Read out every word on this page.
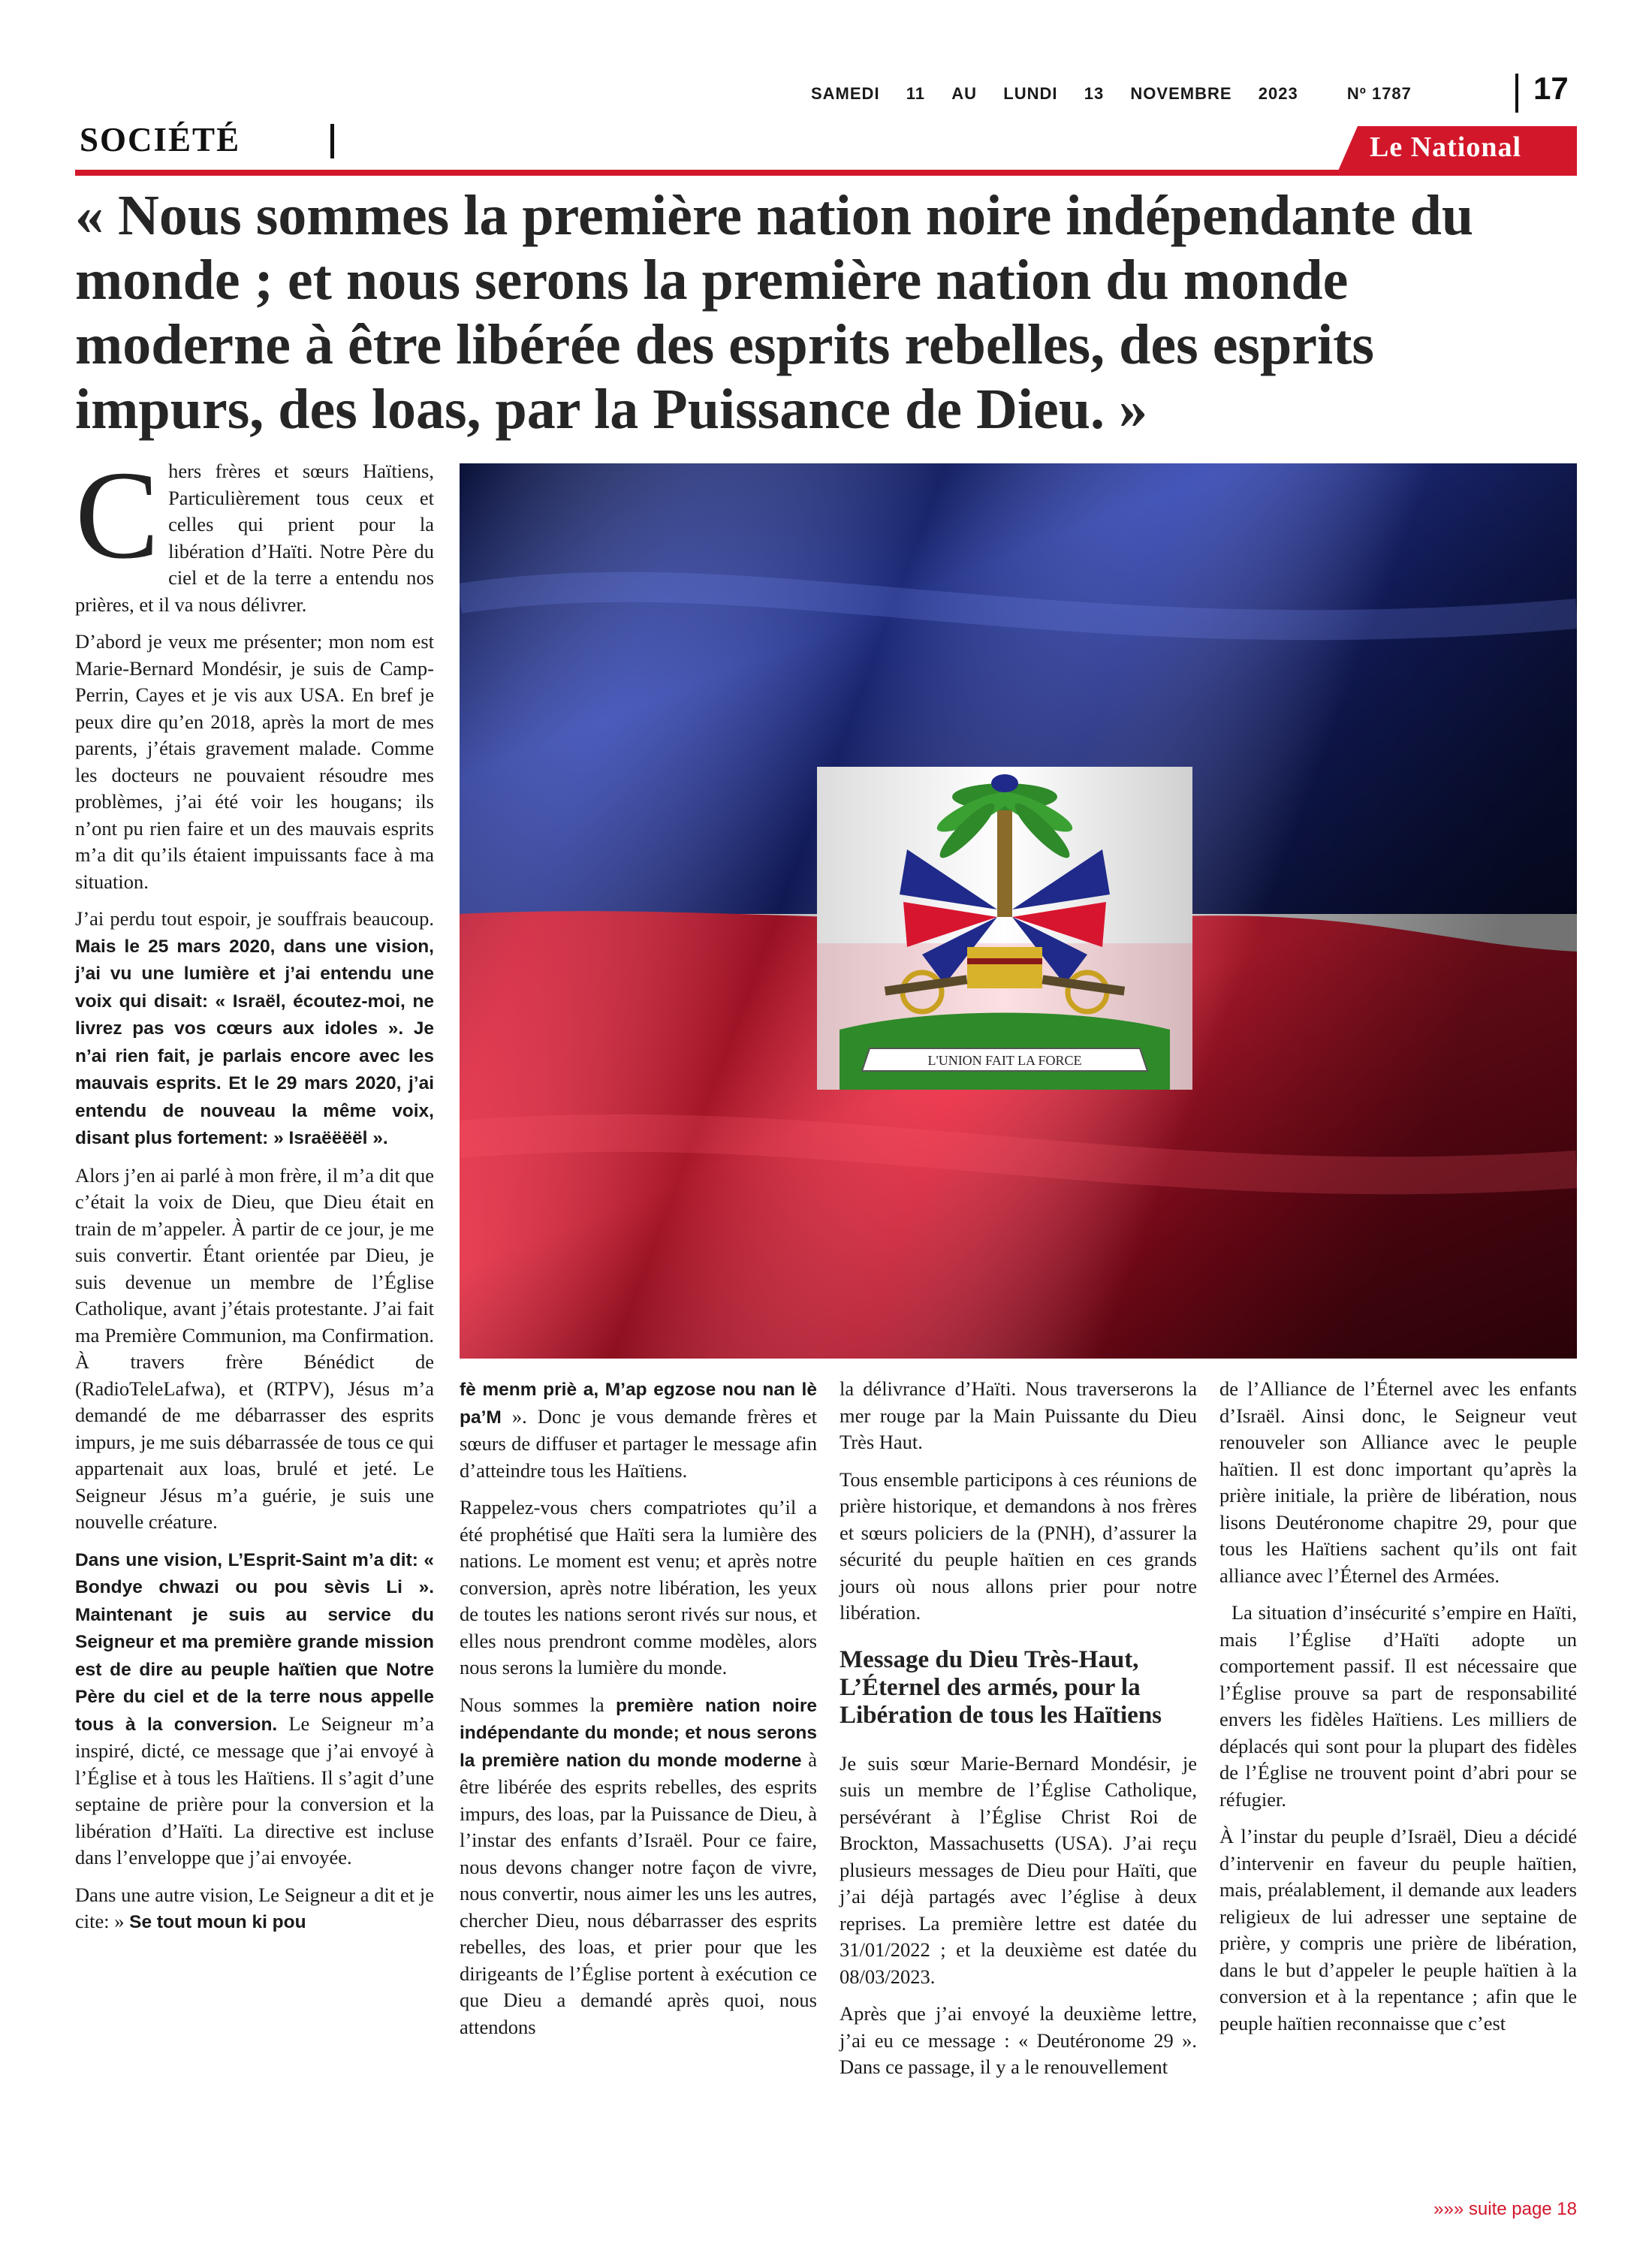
SAMEDI 11 AU LUNDI 13 NOVEMBRE 2023	Nº 1787	17
SOCIÉTÉ	Le National
« Nous sommes la première nation noire indépendante du monde ; et nous serons la première nation du monde moderne à être libérée des esprits rebelles, des esprits impurs, des loas, par la Puissance de Dieu. »

Chers frères et sœurs Haïtiens, Particulièrement tous ceux et celles qui prient pour la libération d’Haïti. Notre Père du ciel et de la terre a entendu nos prières, et il va nous délivrer.

D’abord je veux me présenter; mon nom est Marie-Bernard Mondésir, je suis de Camp-Perrin, Cayes et je vis aux USA. En bref je peux dire qu’en 2018, après la mort de mes parents, j’étais gravement malade. Comme les docteurs ne pouvaient résoudre mes problèmes, j’ai été voir les hougans; ils n’ont pu rien faire et un des mauvais esprits m’a dit qu’ils étaient impuissants face à ma situation.

J’ai perdu tout espoir, je souffrais beaucoup. Mais le 25 mars 2020, dans une vision, j’ai vu une lumière et j’ai entendu une voix qui disait: « Israël, écoutez-moi, ne livrez pas vos cœurs aux idoles ». Je n’ai rien fait, je parlais encore avec les mauvais esprits. Et le 29 mars 2020, j’ai entendu de nouveau la même voix, disant plus fortement: » Israëëëël ».

Alors j’en ai parlé à mon frère, il m’a dit que c’était la voix de Dieu, que Dieu était en train de m’appeler. À partir de ce jour, je me suis convertir. Étant orientée par Dieu, je suis devenue un membre de l’Église Catholique, avant j’étais protestante. J’ai fait ma Première Communion, ma Confirmation. À travers frère Bénédict de (RadioTeleLafwa), et (RTPV), Jésus m’a demandé de me débarrasser des esprits impurs, je me suis débarrassée de tous ce qui appartenait aux loas, brulé et jeté. Le Seigneur Jésus m’a guérie, je suis une nouvelle créature.

Dans une vision, L’Esprit-Saint m’a dit: « Bondye chwazi ou pou sèvis Li ». Maintenant je suis au service du Seigneur et ma première grande mission est de dire au peuple haïtien que Notre Père du ciel et de la terre nous appelle tous à la conversion. Le Seigneur m’a inspiré, dicté, ce message que j’ai envoyé à l’Église et à tous les Haïtiens. Il s’agit d’une septaine de prière pour la conversion et la libération d’Haïti. La directive est incluse dans l’enveloppe que j’ai envoyée.

Dans une autre vision, Le Seigneur a dit et je cite: » Se tout moun ki pou

L'UNION FAIT LA FORCE

fè menm priè a, M’ap egzose nou nan lè pa’M ». Donc je vous demande frères et sœurs de diffuser et partager le message afin d’atteindre tous les Haïtiens.

Rappelez-vous chers compatriotes qu’il a été prophétisé que Haïti sera la lumière des nations. Le moment est venu; et après notre conversion, après notre libération, les yeux de toutes les nations seront rivés sur nous, et elles nous prendront comme modèles, alors nous serons la lumière du monde.

Nous sommes la première nation noire indépendante du monde; et nous serons la première nation du monde moderne à être libérée des esprits rebelles, des esprits impurs, des loas, par la Puissance de Dieu, à l’instar des enfants d’Israël. Pour ce faire, nous devons changer notre façon de vivre, nous convertir, nous aimer les uns les autres, chercher Dieu, nous débarrasser des esprits rebelles, des loas, et prier pour que les dirigeants de l’Église portent à exécution ce que Dieu a demandé après quoi, nous attendons

la délivrance d’Haïti. Nous traverserons la mer rouge par la Main Puissante du Dieu Très Haut.

Tous ensemble participons à ces réunions de prière historique, et demandons à nos frères et sœurs policiers de la (PNH), d’assurer la sécurité du peuple haïtien en ces grands jours où nous allons prier pour notre libération.

Message du Dieu Très-Haut, L’Éternel des armés, pour la Libération de tous les Haïtiens

Je suis sœur Marie-Bernard Mondésir, je suis un membre de l’Église Catholique, persévérant à l’Église Christ Roi de Brockton, Massachusetts (USA). J’ai reçu plusieurs messages de Dieu pour Haïti, que j’ai déjà partagés avec l’église à deux reprises. La première lettre est datée du 31/01/2022 ; et la deuxième est datée du 08/03/2023.

Après que j’ai envoyé la deuxième lettre, j’ai eu ce message : « Deutéronome 29 ». Dans ce passage, il y a le renouvellement

de l’Alliance de l’Éternel avec les enfants d’Israël. Ainsi donc, le Seigneur veut renouveler son Alliance avec le peuple haïtien. Il est donc important qu’après la prière initiale, la prière de libération, nous lisons Deutéronome chapitre 29, pour que tous les Haïtiens sachent qu’ils ont fait alliance avec l’Éternel des Armées.

La situation d’insécurité s’empire en Haïti, mais l’Église d’Haïti adopte un comportement passif. Il est nécessaire que l’Église prouve sa part de responsabilité envers les fidèles Haïtiens. Les milliers de déplacés qui sont pour la plupart des fidèles de l’Église ne trouvent point d’abri pour se réfugier.

À l’instar du peuple d’Israël, Dieu a décidé d’intervenir en faveur du peuple haïtien, mais, préalablement, il demande aux leaders religieux de lui adresser une septaine de prière, y compris une prière de libération, dans le but d’appeler le peuple haïtien à la conversion et à la repentance ; afin que le peuple haïtien reconnaisse que c’est

»»» suite page 18
